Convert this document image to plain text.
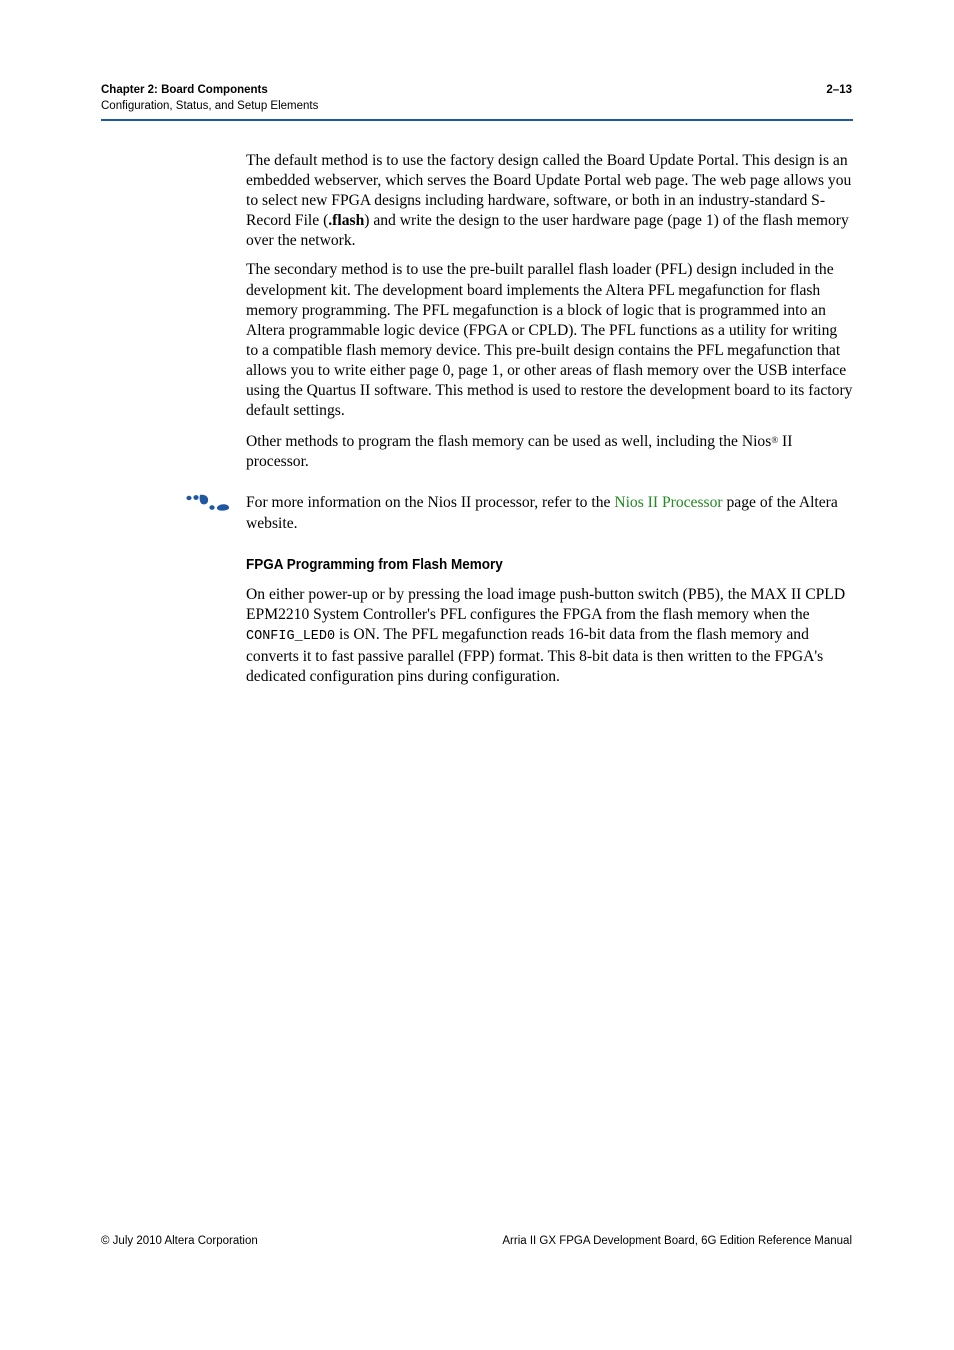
Chapter 2: Board Components
Configuration, Status, and Setup Elements
2–13

The default method is to use the factory design called the Board Update Portal. This design is an embedded webserver, which serves the Board Update Portal web page. The web page allows you to select new FPGA designs including hardware, software, or both in an industry-standard S-Record File (.flash) and write the design to the user hardware page (page 1) of the flash memory over the network.

The secondary method is to use the pre-built parallel flash loader (PFL) design included in the development kit. The development board implements the Altera PFL megafunction for flash memory programming. The PFL megafunction is a block of logic that is programmed into an Altera programmable logic device (FPGA or CPLD). The PFL functions as a utility for writing to a compatible flash memory device. This pre-built design contains the PFL megafunction that allows you to write either page 0, page 1, or other areas of flash memory over the USB interface using the Quartus II software. This method is used to restore the development board to its factory default settings.

Other methods to program the flash memory can be used as well, including the Nios® II processor.

For more information on the Nios II processor, refer to the Nios II Processor page of the Altera website.

FPGA Programming from Flash Memory

On either power-up or by pressing the load image push-button switch (PB5), the MAX II CPLD EPM2210 System Controller's PFL configures the FPGA from the flash memory when the CONFIG_LED0 is ON. The PFL megafunction reads 16-bit data from the flash memory and converts it to fast passive parallel (FPP) format. This 8-bit data is then written to the FPGA's dedicated configuration pins during configuration.

© July 2010 Altera Corporation	Arria II GX FPGA Development Board, 6G Edition Reference Manual
